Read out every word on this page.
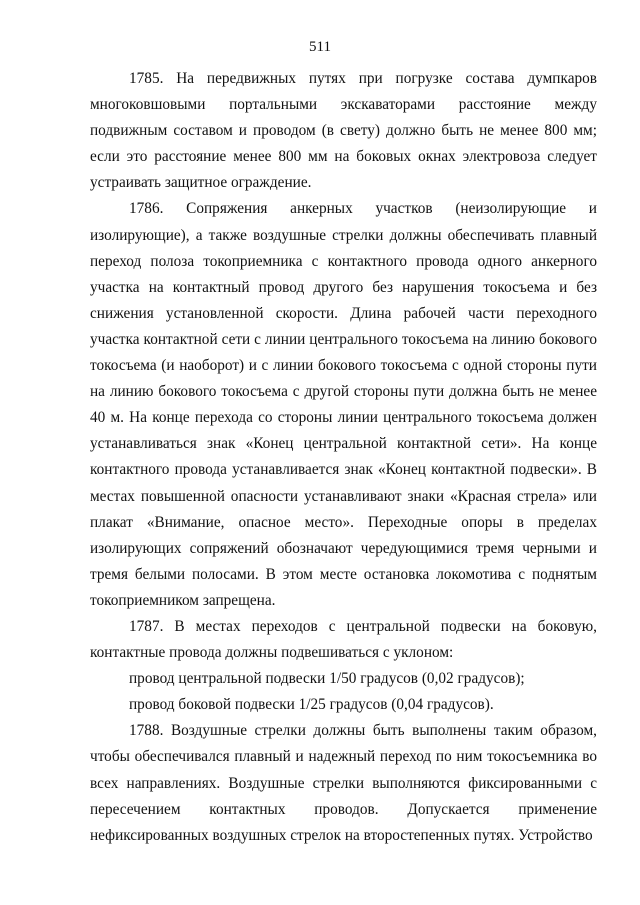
511

1785. На передвижных путях при погрузке состава думпкаров многоковшовыми портальными экскаваторами расстояние между подвижным составом и проводом (в свету) должно быть не менее 800 мм; если это расстояние менее 800 мм на боковых окнах электровоза следует устраивать защитное ограждение.

1786. Сопряжения анкерных участков (неизолирующие и изолирующие), а также воздушные стрелки должны обеспечивать плавный переход полоза токоприемника с контактного провода одного анкерного участка на контактный провод другого без нарушения токосъема и без снижения установленной скорости. Длина рабочей части переходного участка контактной сети с линии центрального токосъема на линию бокового токосъема (и наоборот) и с линии бокового токосъема с одной стороны пути на линию бокового токосъема с другой стороны пути должна быть не менее 40 м. На конце перехода со стороны линии центрального токосъема должен устанавливаться знак «Конец центральной контактной сети». На конце контактного провода устанавливается знак «Конец контактной подвески». В местах повышенной опасности устанавливают знаки «Красная стрела» или плакат «Внимание, опасное место». Переходные опоры в пределах изолирующих сопряжений обозначают чередующимися тремя черными и тремя белыми полосами. В этом месте остановка локомотива с поднятым токоприемником запрещена.

1787. В местах переходов с центральной подвески на боковую, контактные провода должны подвешиваться с уклоном:

провод центральной подвески 1/50 градусов (0,02 градусов);

провод боковой подвески 1/25 градусов (0,04 градусов).

1788. Воздушные стрелки должны быть выполнены таким образом, чтобы обеспечивался плавный и надежный переход по ним токосъемника во всех направлениях. Воздушные стрелки выполняются фиксированными с пересечением контактных проводов. Допускается применение нефиксированных воздушных стрелок на второстепенных путях. Устройство
